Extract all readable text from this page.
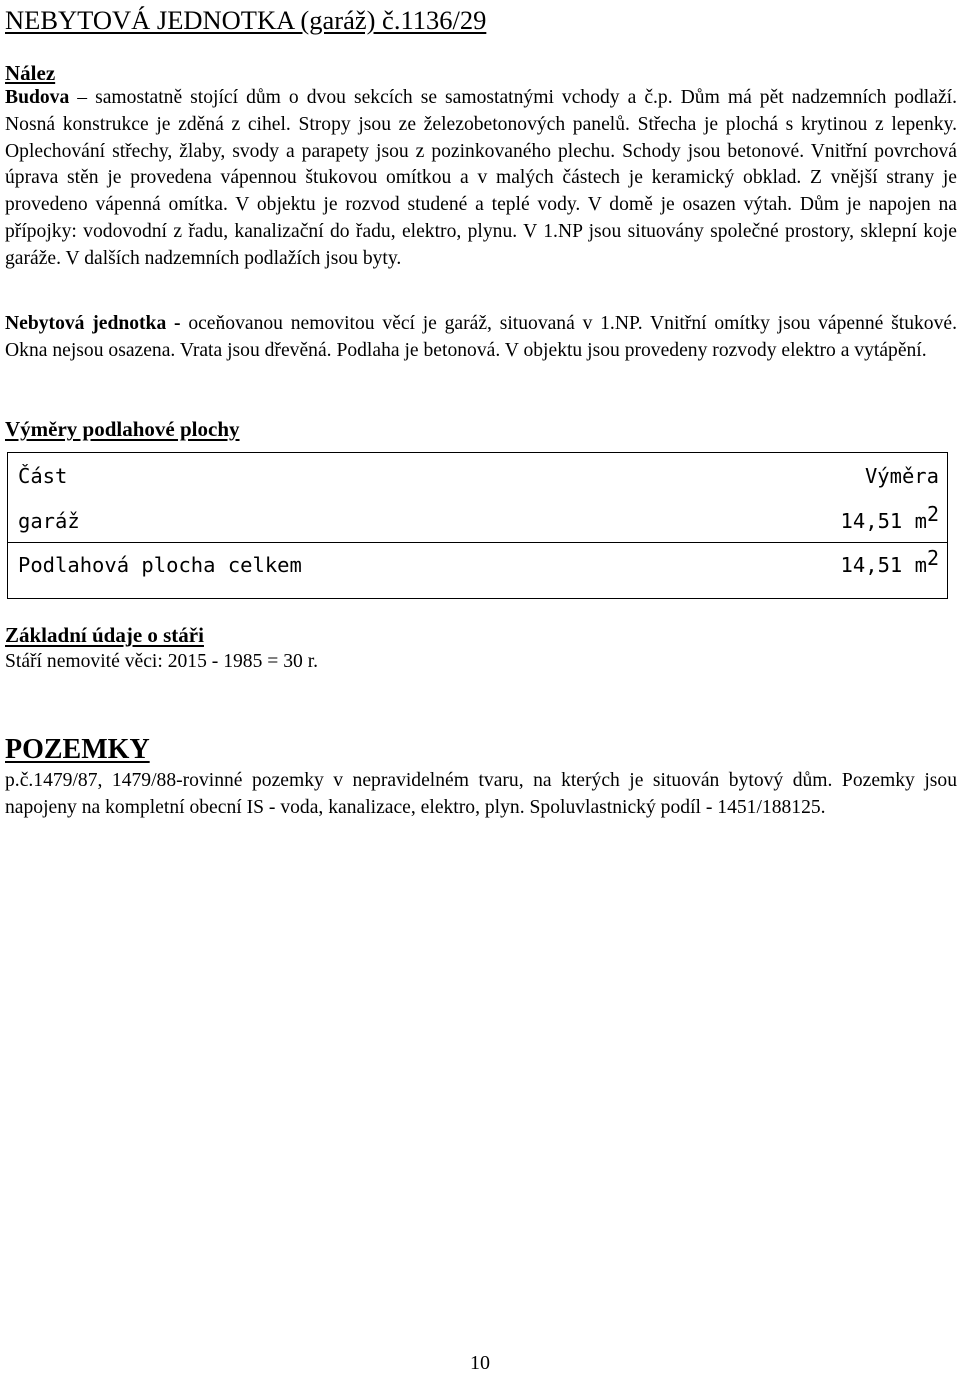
NEBYTOVÁ JEDNOTKA (garáž) č.1136/29
Nález
Budova – samostatně stojící dům o dvou sekcích se samostatnými vchody a č.p. Dům má pět nadzemních podlaží. Nosná konstrukce je zděná z cihel. Stropy jsou ze železobetonových panelů. Střecha je plochá s krytinou z lepenky. Oplechování střechy, žlaby, svody a parapety jsou z pozinkovaného plechu. Schody jsou betonové. Vnitřní povrchová úprava stěn je provedena vápennou štukovou omítkou a v malých částech je keramický obklad. Z vnější strany je provedeno vápenná omítka. V objektu je rozvod studené a teplé vody. V domě je osazen výtah. Dům je napojen na přípojky: vodovodní z řadu, kanalizační do řadu, elektro, plynu. V 1.NP jsou situovány společné prostory, sklepní koje garáže. V dalších nadzemních podlažích jsou byty.
Nebytová jednotka - oceňovanou nemovitou věcí je garáž, situovaná v 1.NP. Vnitřní omítky jsou vápenné štukové. Okna nejsou osazena. Vrata jsou dřevěná. Podlaha je betonová. V objektu jsou provedeny rozvody elektro a vytápění.
Výměry podlahové plochy
Část	Výměra
garáž	14,51 $m^2$
Podlahová plocha celkem	14,51 $m^2$
Základní údaje o stáři
Stáří nemovité věci: 2015 - 1985 = 30 r.
POZEMKY
p.č.1479/87, 1479/88-rovinné pozemky v nepravidelném tvaru, na kterých je situován bytový dům. Pozemky jsou napojeny na kompletní obecní IS - voda, kanalizace, elektro, plyn. Spoluvlastnický podíl - 1451/188125.
10
